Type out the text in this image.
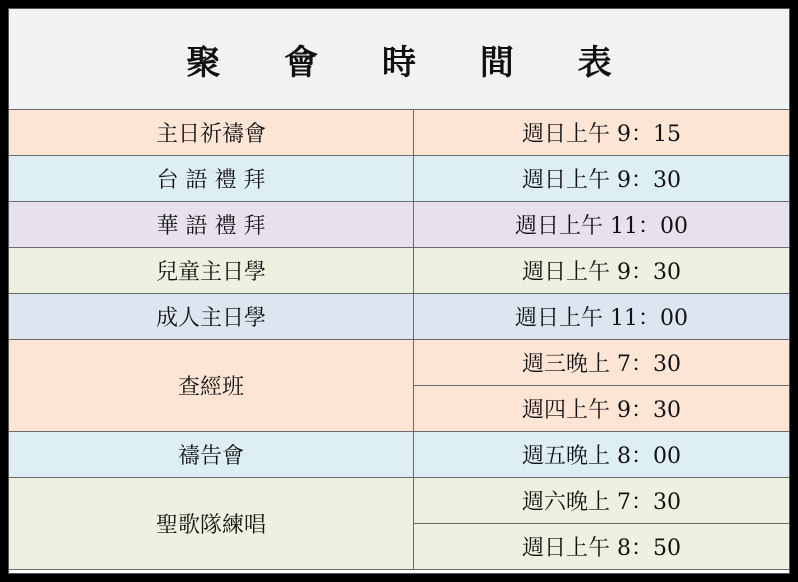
聚 會 時 間 表
主日祈禱會	週日上午 9：15
台 語 禮 拜	週日上午 9：30
華 語 禮 拜	週日上午 11：00
兒童主日學	週日上午 9：30
成人主日學	週日上午 11：00
查經班	週三晚上 7：30
	週四上午 9：30
禱告會	週五晚上 8：00
聖歌隊練唱	週六晚上 7：30
	週日上午 8：50
